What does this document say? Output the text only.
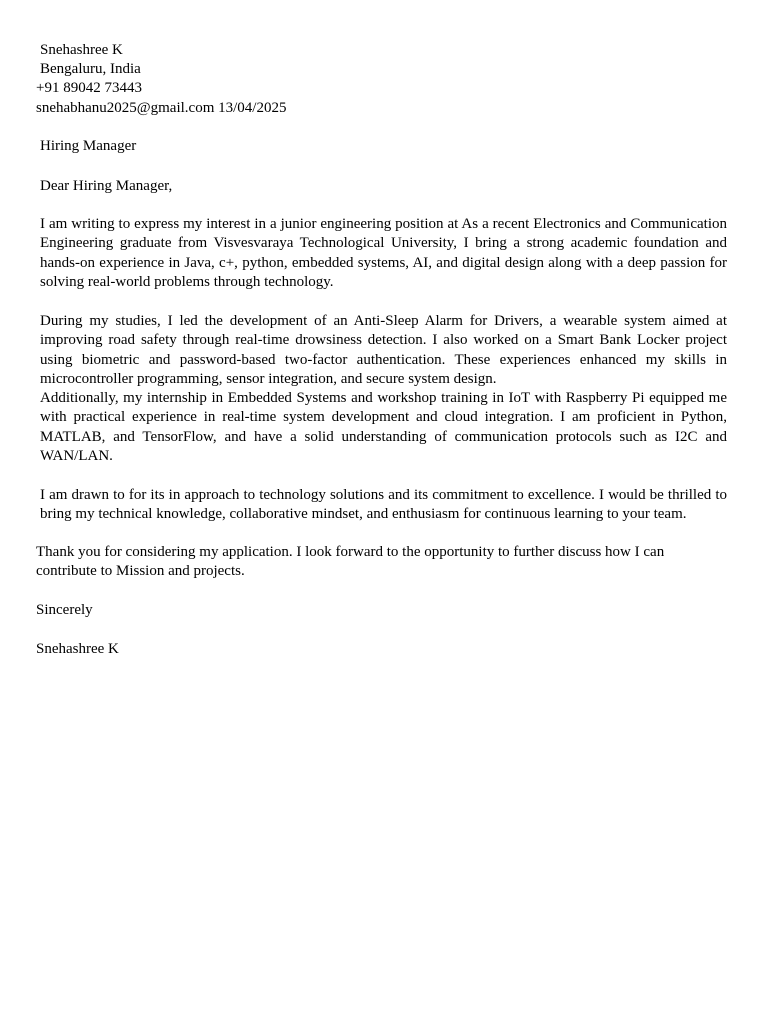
Snehashree K
Bengaluru, India
+91 89042 73443
snehabhanu2025@gmail.com 13/04/2025
Hiring Manager
Dear Hiring Manager,
I am writing to express my interest in a junior engineering position at As a recent Electronics and Communication Engineering graduate from Visvesvaraya Technological University, I bring a strong academic foundation and hands-on experience in Java, c+, python, embedded systems, AI, and digital design along with a deep passion for solving real-world problems through technology.
During my studies, I led the development of an Anti-Sleep Alarm for Drivers, a wearable system aimed at improving road safety through real-time drowsiness detection. I also worked on a Smart Bank Locker project using biometric and password-based two-factor authentication. These experiences enhanced my skills in microcontroller programming, sensor integration, and secure system design.
Additionally, my internship in Embedded Systems and workshop training in IoT with Raspberry Pi equipped me with practical experience in real-time system development and cloud integration. I am proficient in Python, MATLAB, and TensorFlow, and have a solid understanding of communication protocols such as I2C and WAN/LAN.
I am drawn to for its in approach to technology solutions and its commitment to excellence. I would be thrilled to bring my technical knowledge, collaborative mindset, and enthusiasm for continuous learning to your team.
Thank you for considering my application. I look forward to the opportunity to further discuss how I can contribute to Mission and projects.
Sincerely
Snehashree K
